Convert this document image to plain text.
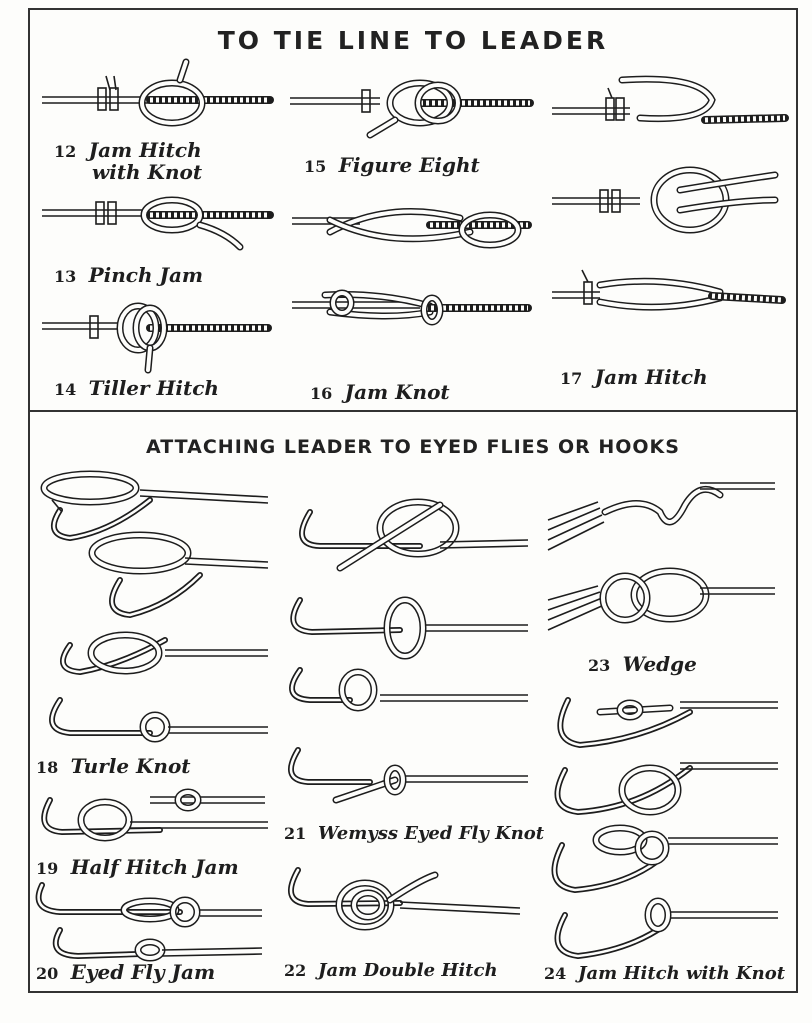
TO TIE LINE TO LEADER
ATTACHING LEADER TO EYED FLIES OR HOOKS
12 Jam Hitch
with Knot
13 Pinch Jam
14 Tiller Hitch
15 Figure Eight
16 Jam Knot
17 Jam Hitch
18 Turle Knot
19 Half Hitch Jam
20 Eyed Fly Jam
21 Wemyss Eyed Fly Knot
22 Jam Double Hitch
23 Wedge
24 Jam Hitch with Knot
